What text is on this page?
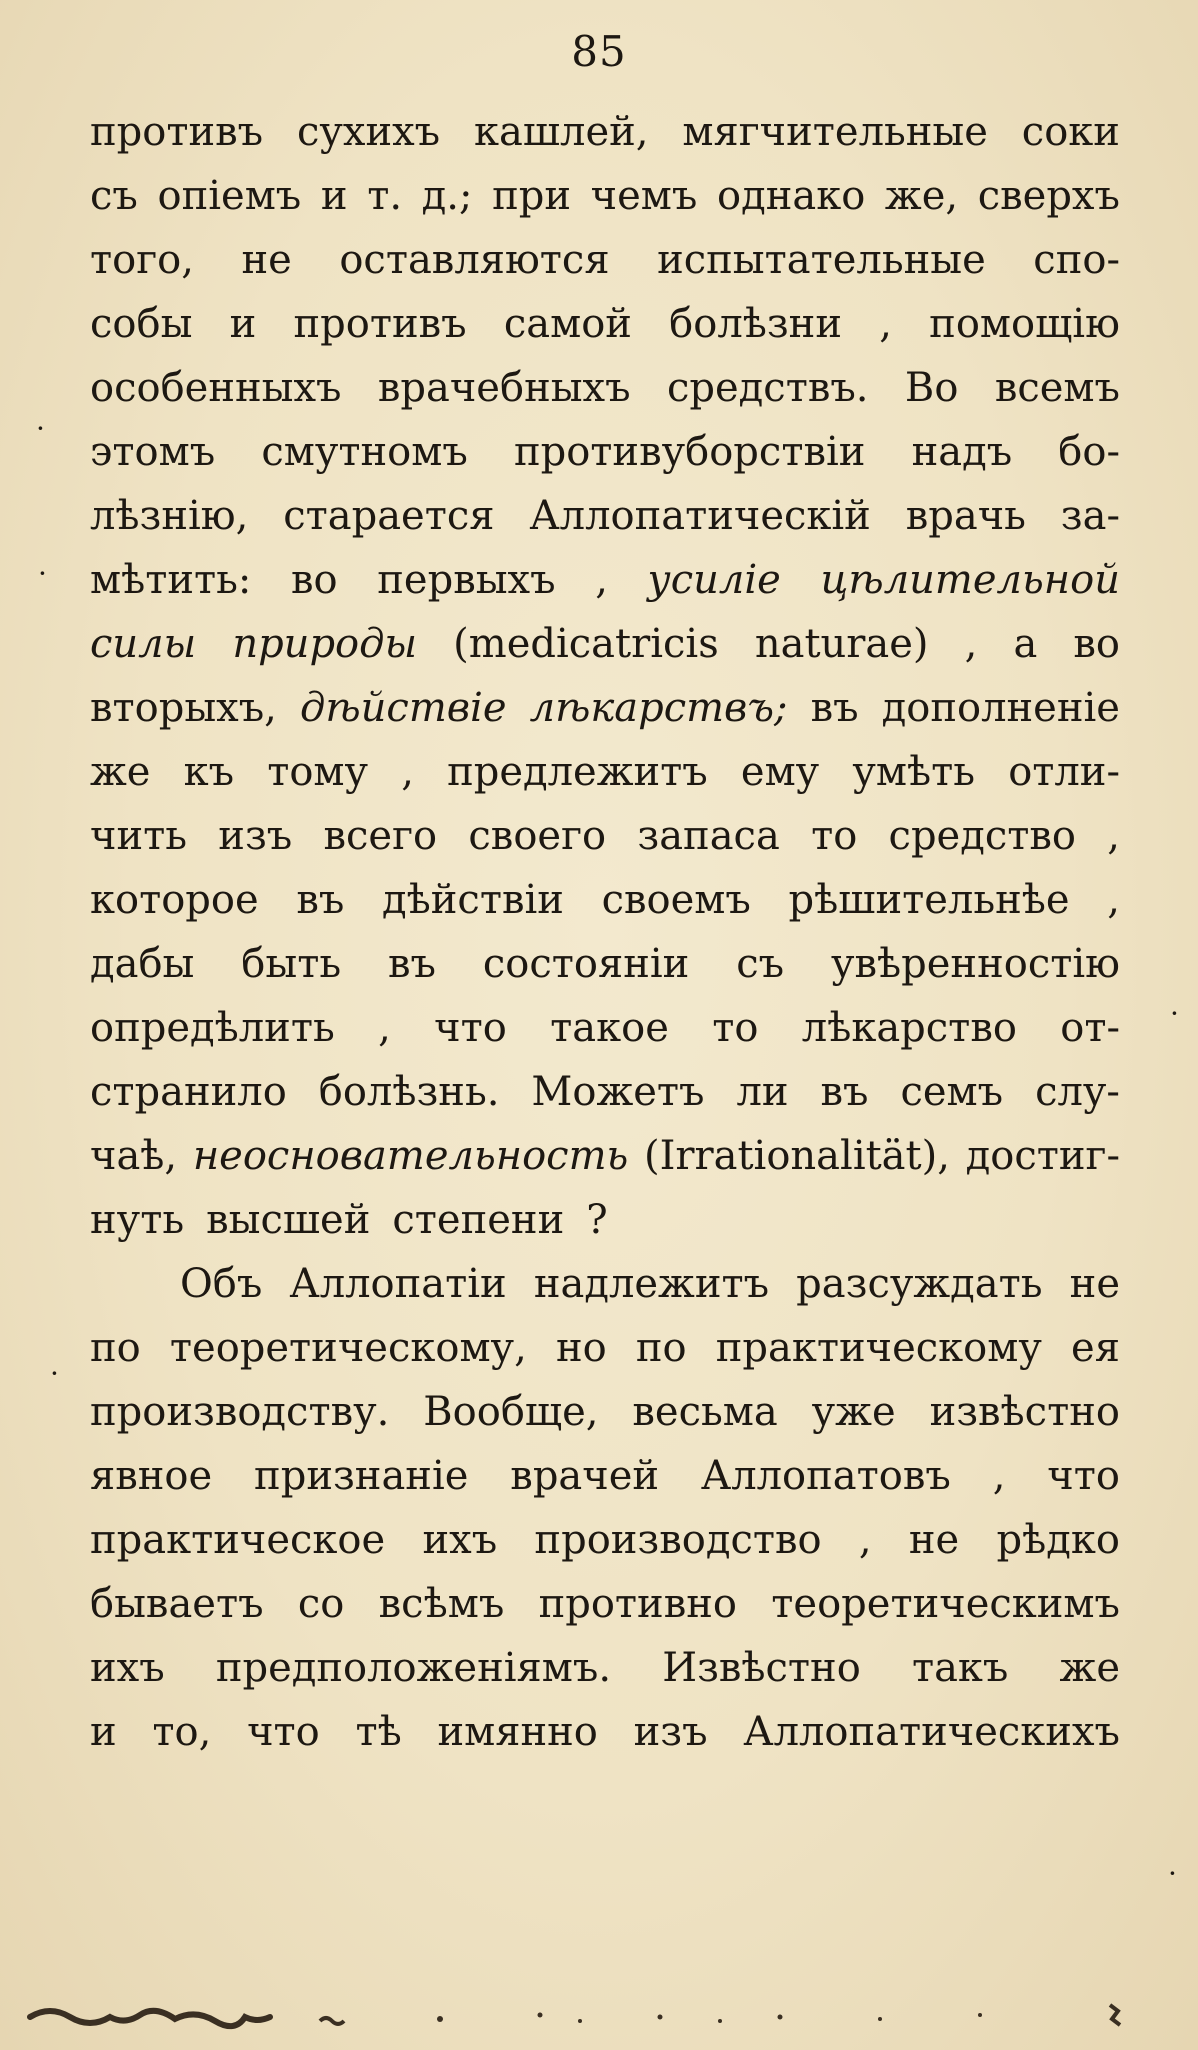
85
противъ сухихъ кашлей, мягчительные соки
съ опіемъ и т. д.; при чемъ однако же, сверхъ
того, не оставляются испытательные спо-
собы и противъ самой болѣзни , помощію
особенныхъ врачебныхъ средствъ. Во всемъ
этомъ смутномъ противуборствіи надъ бо-
лѣзнію, старается Аллопатическій врачь за-
мѣтить: во первыхъ , усиліе цѣлительной
силы природы (medicatricis naturae) , а во
вторыхъ, дѣйствіе лѣкарствъ; въ дополненіе
же къ тому , предлежитъ ему умѣть отли-
чить изъ всего своего запаса то средство ,
которое въ дѣйствіи своемъ рѣшительнѣе ,
дабы быть въ состояніи съ увѣренностію
опредѣлить , что такое то лѣкарство от-
странило болѣзнь. Можетъ ли въ семъ слу-
чаѣ, неосновательность (Irrationalität), достиг-
нуть высшей степени ?
Объ Аллопатіи надлежитъ разсуждать не
по теоретическому, но по практическому ея
производству. Вообще, весьма уже извѣстно
явное признаніе врачей Аллопатовъ , что
практическое ихъ производство , не рѣдко
бываетъ со всѣмъ противно теоретическимъ
ихъ предположеніямъ. Извѣстно такъ же
и то, что тѣ имянно изъ Аллопатическихъ
·
·
·
·
·
